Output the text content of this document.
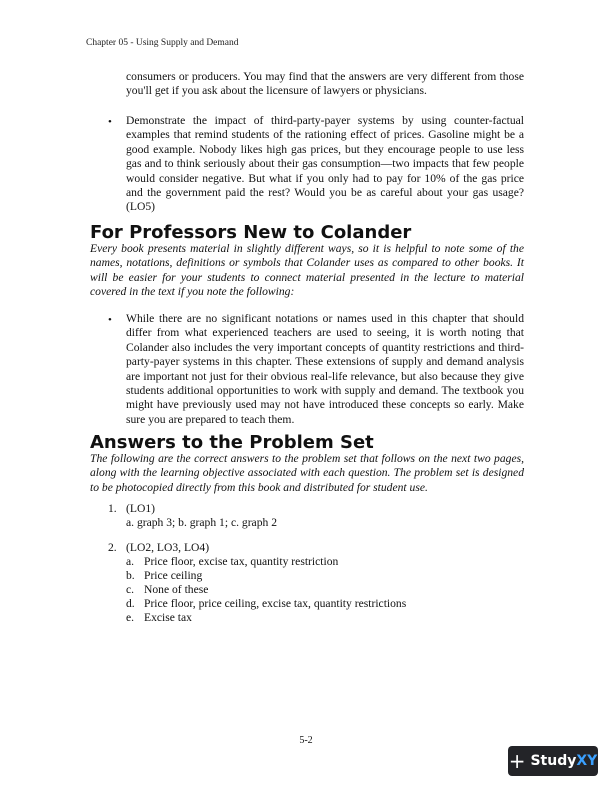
Chapter 05 - Using Supply and Demand

consumers or producers. You may find that the answers are very different from those you'll get if you ask about the licensure of lawyers or physicians.

• Demonstrate the impact of third-party-payer systems by using counter-factual examples that remind students of the rationing effect of prices. Gasoline might be a good example. Nobody likes high gas prices, but they encourage people to use less gas and to think seriously about their gas consumption—two impacts that few people would consider negative. But what if you only had to pay for 10% of the gas price and the government paid the rest? Would you be as careful about your gas usage? (LO5)

For Professors New to Colander

Every book presents material in slightly different ways, so it is helpful to note some of the names, notations, definitions or symbols that Colander uses as compared to other books. It will be easier for your students to connect material presented in the lecture to material covered in the text if you note the following:

• While there are no significant notations or names used in this chapter that should differ from what experienced teachers are used to seeing, it is worth noting that Colander also includes the very important concepts of quantity restrictions and third-party-payer systems in this chapter. These extensions of supply and demand analysis are important not just for their obvious real-life relevance, but also because they give students additional opportunities to work with supply and demand. The textbook you might have previously used may not have introduced these concepts so early. Make sure you are prepared to teach them.

Answers to the Problem Set

The following are the correct answers to the problem set that follows on the next two pages, along with the learning objective associated with each question. The problem set is designed to be photocopied directly from this book and distributed for student use.

1. (LO1)
a. graph 3; b. graph 1; c. graph 2
2. (LO2, LO3, LO4)
a. Price floor, excise tax, quantity restriction
b. Price ceiling
c. None of these
d. Price floor, price ceiling, excise tax, quantity restrictions
e. Excise tax
5-2
+ StudyXY
